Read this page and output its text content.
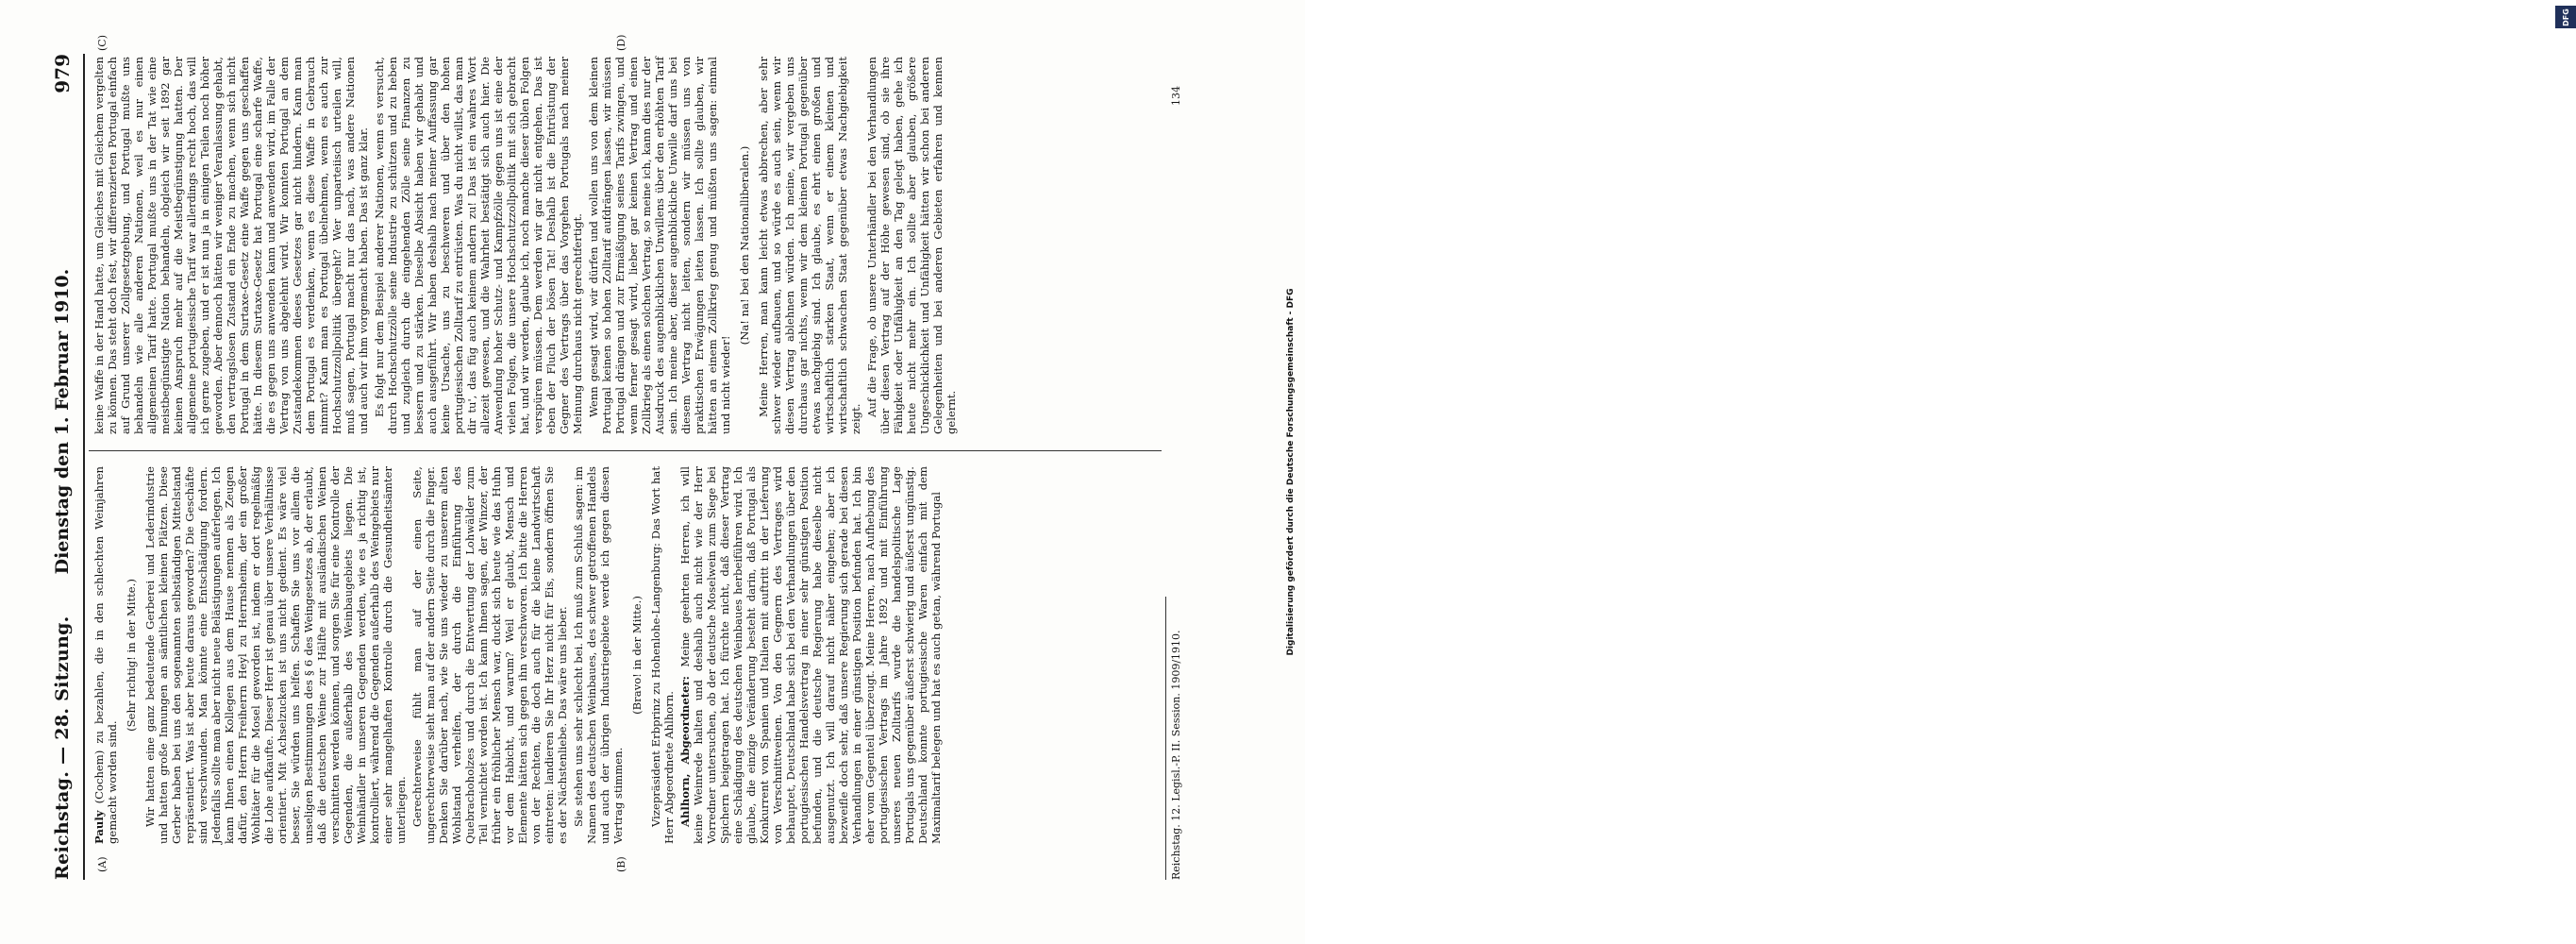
Reichstag. — 28. Sitzung.
Dienstag den 1. Februar 1910.
979
(A)	(B)
(C)	(D)

Pauly (Cochem) zu bezahlen, die in den schlechten Weinjahren gemacht worden sind.

(Sehr richtig! in der Mitte.) Wir hatten eine ganz bedeutende Gerberei und Lederindustrie und hatten große Innungen an sämtlichen kleinen Plätzen. Diese Gerber haben bei uns den sogenannten selbständigen Mittelstand repräsentiert. Was ist aber heute daraus geworden? Die Geschäfte sind verschwunden. Man könnte eine Entschädigung fordern. Jedenfalls sollte man aber nicht neue Belästigungen auferlegen. Ich kann Ihnen einen Kollegen aus dem Hause nennen als Zeugen dafür, den Herrn Freiherrn Heyl zu Herrnsheim, der ein großer Wohltäter für die Mosel geworden ist, indem er dort regelmäßig die Lohe aufkaufte. Dieser Herr ist genau über unsere Verhältnisse orientiert. Mit Achselzucken ist uns nicht gedient. Es wäre viel besser, Sie würden uns helfen. Schaffen Sie uns vor allem die unseligen Bestimmungen des § 6 des Weingesetzes ab, der erlaubt, daß die deutschen Weine zur Hälfte mit ausländischen Weinen verschnitten werden können, und sorgen Sie für eine Kontrolle der Gegenden, die außerhalb des Weinbaugebiets liegen. Die Weinhändler in unseren Gegenden werden, wie es ja richtig ist, kontrolliert, während die Gegenden außerhalb des Weingebiets nur einer sehr mangelhaften Kontrolle durch die Gesundheitsämter unterliegen. Gerechterweise fühlt man auf der einen Seite, ungerechterweise sieht man auf der andern Seite durch die Finger. Denken Sie darüber nach, wie Sie uns wieder zu unserem alten Wohlstand verhelfen, der durch die Einführung des Quebrachoholzes und durch die Entwertung der Lohwälder zum Teil vernichtet worden ist. Ich kann Ihnen sagen, der Winzer, der früher ein fröhlicher Mensch war, duckt sich heute wie das Huhn vor dem Habicht, und warum? Weil er glaubt, Mensch und Elemente hätten sich gegen ihn verschworen. Ich bitte die Herren von der Rechten, die doch auch für die kleine Landwirtschaft eintreten: landieren Sie Ihr Herz nicht für Eis, sondern öffnen Sie es der Nächstenliebe. Das wäre uns lieber. Sie stehen uns sehr schlecht bei. Ich muß zum Schluß sagen: im Namen des deutschen Weinbaues, des schwer getroffenen Handels und auch der übrigen Industriegebiete werde ich gegen diesen Vertrag stimmen.

(Bravo! in der Mitte.) Vizepräsident Erbprinz zu Hohenlohe-Langenburg: Das Wort hat Herr Abgeordnete Ahlhorn. Ahlhorn, Abgeordneter: Meine geehrten Herren, ich will keine Weinrede halten und deshalb auch nicht wie der Herr Vorredner untersuchen, ob der deutsche Moselwein zum Siege bei Spichern beigetragen hat. Ich fürchte nicht, daß dieser Vertrag eine Schädigung des deutschen Weinbaues herbeiführen wird. Ich glaube, die einzige Veränderung besteht darin, daß Portugal als Konkurrent von Spanien und Italien mit auftritt in der Lieferung von Verschnittweinen. Von den Gegnern des Vertrages wird behauptet, Deutschland habe sich bei den Verhandlungen über den portugiesischen Handelsvertrag in einer sehr günstigen Position befunden, und die deutsche Regierung habe dieselbe nicht ausgenutzt. Ich will darauf nicht näher eingehen; aber ich bezweifle doch sehr, daß unsere Regierung sich gerade bei diesen Verhandlungen in einer günstigen Position befunden hat. Ich bin eher vom Gegenteil überzeugt. Meine Herren, nach Aufhebung des portugiesischen Vertrags im Jahre 1892 und mit Einführung unseres neuen Zolltarifs wurde die handelspolitische Lage Portugals uns gegenüber äußerst schwierig und äußerst ungünstig. Deutschland konnte portugiesische Waren einfach mit dem Maximaltarif belegen und hat es auch getan, während Portugal

keine Waffe in der Hand hatte, um Gleiches mit Gleichem vergelten zu können. Das steht doch fest, wir differenzierten Portugal einfach auf Grund unserer Zollgesetzgebung, und Portugal mußte uns behandeln wie alle anderen Nationen, weil es nur einen allgemeinen Tarif hatte. Portugal mußte uns in der Tat wie eine meistbegünstigte Nation behandeln, obgleich wir seit 1892 gar keinen Anspruch mehr auf die Meistbegünstigung hatten. Der allgemeine portugiesische Tarif war allerdings recht hoch, das will ich gerne zugeben, und er ist nun ja in einigen Teilen noch höher geworden. Aber dennoch hätten wir weniger Veranlassung gehabt, den vertragslosen Zustand ein Ende zu machen, wenn sich nicht Portugal in dem Surtaxe-Gesetz eine Waffe gegen uns geschaffen hätte. In diesem Surtaxe-Gesetz hat Portugal eine scharfe Waffe, die es gegen uns anwenden kann und anwenden wird, im Falle der Vertrag von uns abgelehnt wird. Wir konnten Portugal an dem Zustandekommen dieses Gesetzes gar nicht hindern. Kann man dem Portugal es verdenken, wenn es diese Waffe in Gebrauch nimmt? Kann man es Portugal übelnehmen, wenn es auch zur Hochschutzzollpolitik übergeht? Wer unparteiisch urteilen will, muß sagen, Portugal macht nur das nach, was andere Nationen und auch wir ihm vorgemacht haben. Das ist ganz klar. Es folgt nur dem Beispiel anderer Nationen, wenn es versucht, durch Hochschutzzölle seine Industrie zu schützen und zu heben und zugleich durch die eingehenden Zölle seine Finanzen zu bessern und zu stärken. Dieselbe Absicht haben wir gehabt und auch ausgeführt. Wir haben deshalb nach meiner Auffassung gar keine Ursache, uns zu beschweren und über den hohen portugiesischen Zolltarif zu entrüsten. Was du nicht willst, das man dir tu', das füg auch keinem andern zu! Das ist ein wahres Wort allezeit gewesen, und die Wahrheit bestätigt sich auch hier. Die Anwendung hoher Schutz- und Kampfzölle gegen uns ist eine der vielen Folgen, die unsere Hochschutzzollpolitik mit sich gebracht hat, und wir werden, glaube ich, noch manche dieser üblen Folgen verspüren müssen. Dem werden wir gar nicht entgehen. Das ist eben der Fluch der bösen Tat! Deshalb ist die Entrüstung der Gegner des Vertrags über das Vorgehen Portugals nach meiner Meinung durchaus nicht gerechtfertigt. Wenn gesagt wird, wir dürfen und wollen uns von dem kleinen Portugal keinen so hohen Zolltarif aufdrängen lassen, wir müssen Portugal drängen und zur Ermäßigung seines Tarifs zwingen, und wenn ferner gesagt wird, lieber gar keinen Vertrag und einen Zollkrieg als einen solchen Vertrag, so meine ich, kann dies nur der Ausdruck des augenblicklichen Unwillens über den erhöhten Tarif sein. Ich meine aber, dieser augenblickliche Unwille darf uns bei diesem Vertrag nicht leiten, sondern wir müssen uns von praktischen Erwägungen leiten lassen. Ich sollte glauben, wir hätten an einem Zollkrieg genug und müßten uns sagen: einmal und nicht wieder!

(Na! na! bei den Nationalliberalen.) Meine Herren, man kann leicht etwas abbrechen, aber sehr schwer wieder aufbauen, und so würde es auch sein, wenn wir diesen Vertrag ablehnen würden. Ich meine, wir vergeben uns durchaus gar nichts, wenn wir dem kleinen Portugal gegenüber etwas nachgiebig sind. Ich glaube, es ehrt einen großen und wirtschaftlich starken Staat, wenn er einem kleinen und wirtschaftlich schwachen Staat gegenüber etwas Nachgiebigkeit zeigt.

Auf die Frage, ob unsere Unterhändler bei den Verhandlungen über diesen Vertrag auf der Höhe gewesen sind, ob sie ihre Fähigkeit oder Unfähigkeit an den Tag gelegt haben, gehe ich heute nicht mehr ein. Ich sollte aber glauben, größere Ungeschicklichkeit und Unfähigkeit hätten wir schon bei anderen Gelegenheiten und bei anderen Gebieten erfahren und kennen gelernt.

Reichstag. 12. Legisl.-P. II. Session. 1909/1910.
134
DFG
Digitalisierung gefördert durch die Deutsche Forschungsgemeinschaft - DFG
